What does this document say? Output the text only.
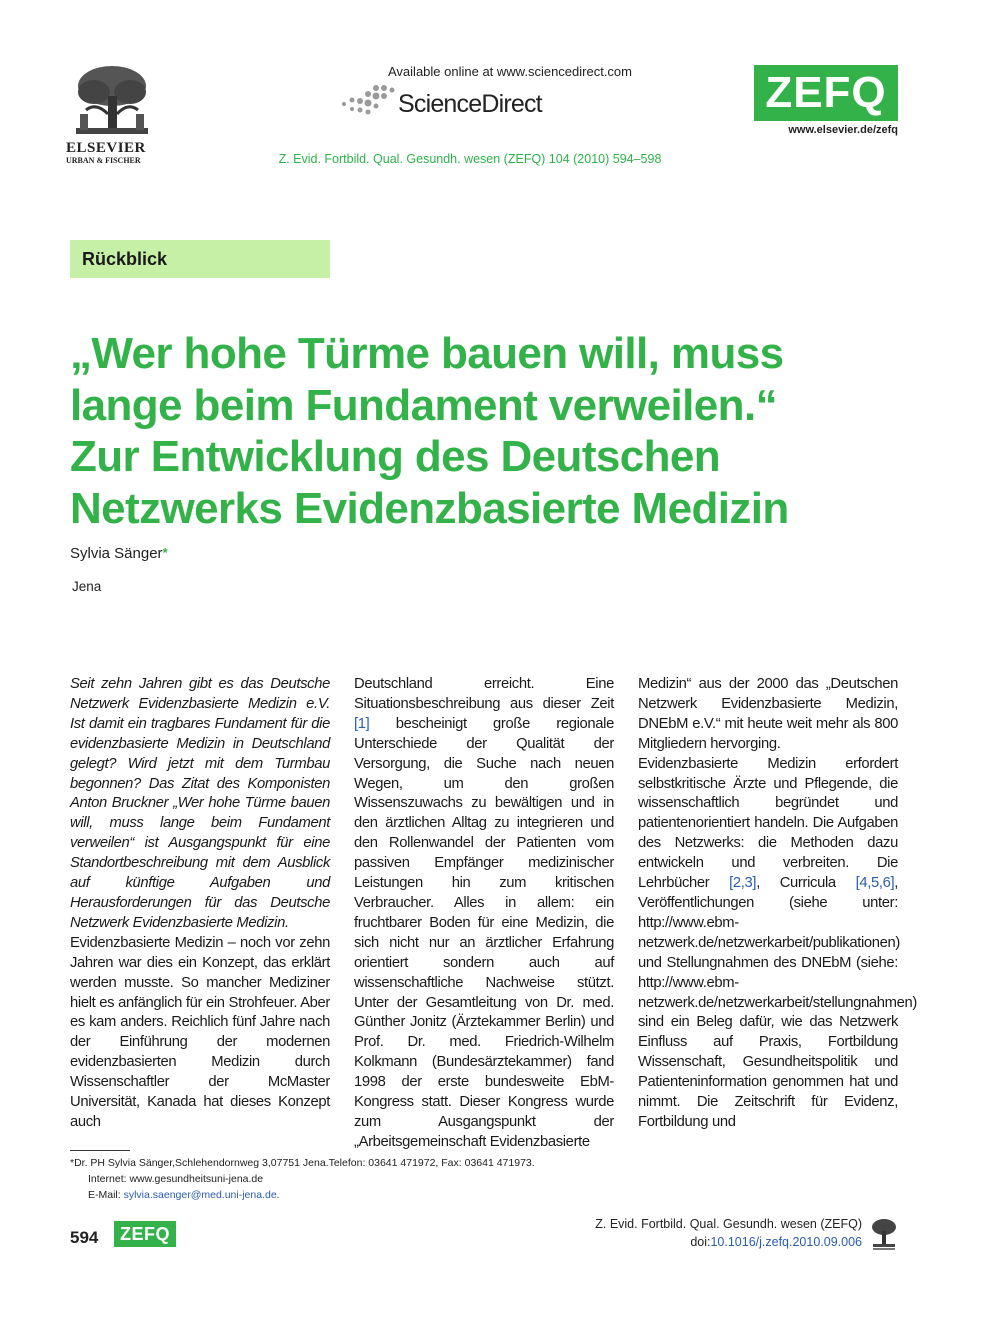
ELSEVIER
URBAN & FISCHER
Available online at www.sciencedirect.com
ScienceDirect
Z. Evid. Fortbild. Qual. Gesundh. wesen (ZEFQ) 104 (2010) 594–598
ZEFQ
www.elsevier.de/zefq
Rückblick
„Wer hohe Türme bauen will, muss
lange beim Fundament verweilen.“
Zur Entwicklung des Deutschen
Netzwerks Evidenzbasierte Medizin
Sylvia Sänger*
Jena

Seit zehn Jahren gibt es das Deutsche Netzwerk Evidenzbasierte Medizin e.V. Ist damit ein tragbares Fundament für die evidenzbasierte Medizin in Deutschland gelegt? Wird jetzt mit dem Turmbau begonnen? Das Zitat des Komponisten Anton Bruckner „Wer hohe Türme bauen will, muss lange beim Fundament verweilen“ ist Ausgangspunkt für eine Standortbeschreibung mit dem Ausblick auf künftige Aufgaben und Herausforderungen für das Deutsche Netzwerk Evidenzbasierte Medizin.

Evidenzbasierte Medizin – noch vor zehn Jahren war dies ein Konzept, das erklärt werden musste. So mancher Mediziner hielt es anfänglich für ein Strohfeuer. Aber es kam anders. Reichlich fünf Jahre nach der Einführung der modernen evidenzbasierten Medizin durch Wissenschaftler der McMaster Universität, Kanada hat dieses Konzept auch

Deutschland erreicht. Eine Situationsbeschreibung aus dieser Zeit [1] bescheinigt große regionale Unterschiede der Qualität der Versorgung, die Suche nach neuen Wegen, um den großen Wissenszuwachs zu bewältigen und in den ärztlichen Alltag zu integrieren und den Rollenwandel der Patienten vom passiven Empfänger medizinischer Leistungen hin zum kritischen Verbraucher. Alles in allem: ein fruchtbarer Boden für eine Medizin, die sich nicht nur an ärztlicher Erfahrung orientiert sondern auch auf wissenschaftliche Nachweise stützt. Unter der Gesamtleitung von Dr. med. Günther Jonitz (Ärztekammer Berlin) und Prof. Dr. med. Friedrich-Wilhelm Kolkmann (Bundesärztekammer) fand 1998 der erste bundesweite EbM-Kongress statt. Dieser Kongress wurde zum Ausgangspunkt der „Arbeitsgemeinschaft Evidenzbasierte

Medizin“ aus der 2000 das „Deutschen Netzwerk Evidenzbasierte Medizin, DNEbM e.V.“ mit heute weit mehr als 800 Mitgliedern hervorging.

Evidenzbasierte Medizin erfordert selbstkritische Ärzte und Pflegende, die wissenschaftlich begründet und patientenorientiert handeln. Die Aufgaben des Netzwerks: die Methoden dazu entwickeln und verbreiten. Die Lehrbücher [2,3], Curricula [4,5,6], Veröffentlichungen (siehe unter: http://www.ebm-netzwerk.de/netzwerkarbeit/publikationen) und Stellungnahmen des DNEbM (siehe: http://www.ebm-netzwerk.de/netzwerkarbeit/stellungnahmen) sind ein Beleg dafür, wie das Netzwerk Einfluss auf Praxis, Fortbildung Wissenschaft, Gesundheitspolitik und Patienteninformation genommen hat und nimmt. Die Zeitschrift für Evidenz, Fortbildung und

*Dr. PH Sylvia Sänger,Schlehendornweg 3,07751 Jena.Telefon: 03641 471972, Fax: 03641 471973.
Internet: www.gesundheitsuni-jena.de
E-Mail: sylvia.saenger@med.uni-jena.de.
594	ZEFQ	Z. Evid. Fortbild. Qual. Gesundh. wesen (ZEFQ)
doi:10.1016/j.zefq.2010.09.006
